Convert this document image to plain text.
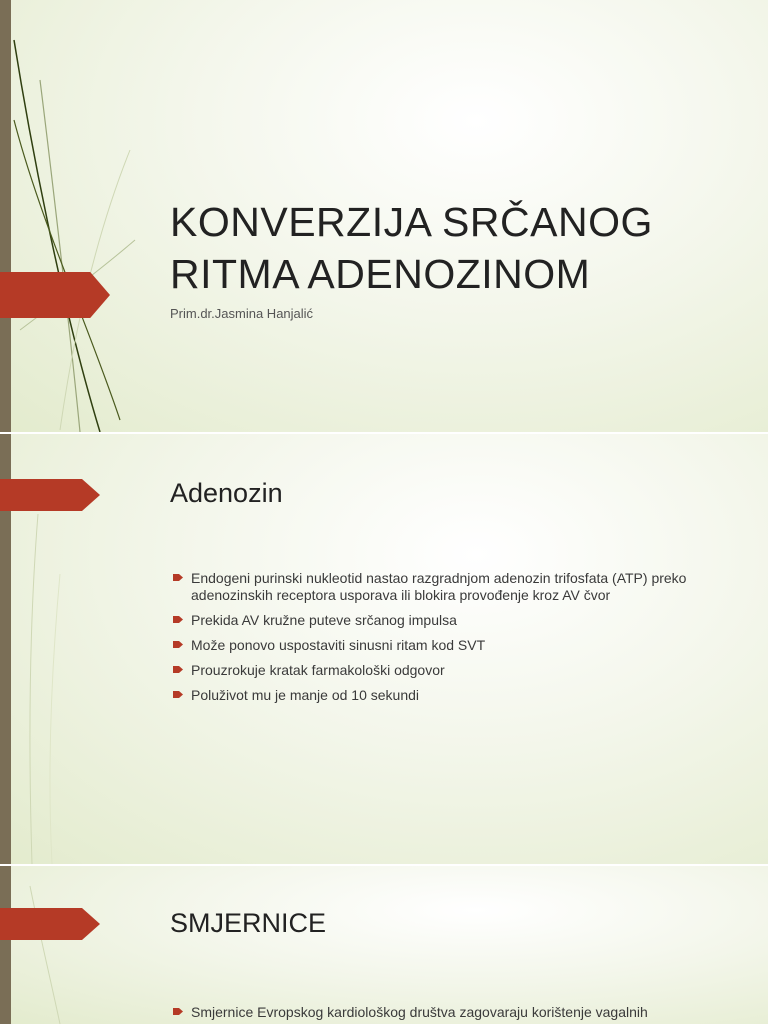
KONVERZIJA SRČANOG RITMA ADENOZINOM
Prim.dr.Jasmina Hanjalić
Adenozin
Endogeni purinski nukleotid nastao razgradnjom adenozin trifosfata (ATP) preko adenozinskih receptora usporava ili blokira provođenje kroz AV čvor
Prekida AV kružne puteve srčanog impulsa
Može ponovo uspostaviti sinusni ritam kod SVT
Prouzrokuje kratak farmakološki odgovor
Poluživot mu je manje od 10 sekundi
SMJERNICE
Smjernice Evropskog kardiološkog društva zagovaraju korištenje vagalnih
